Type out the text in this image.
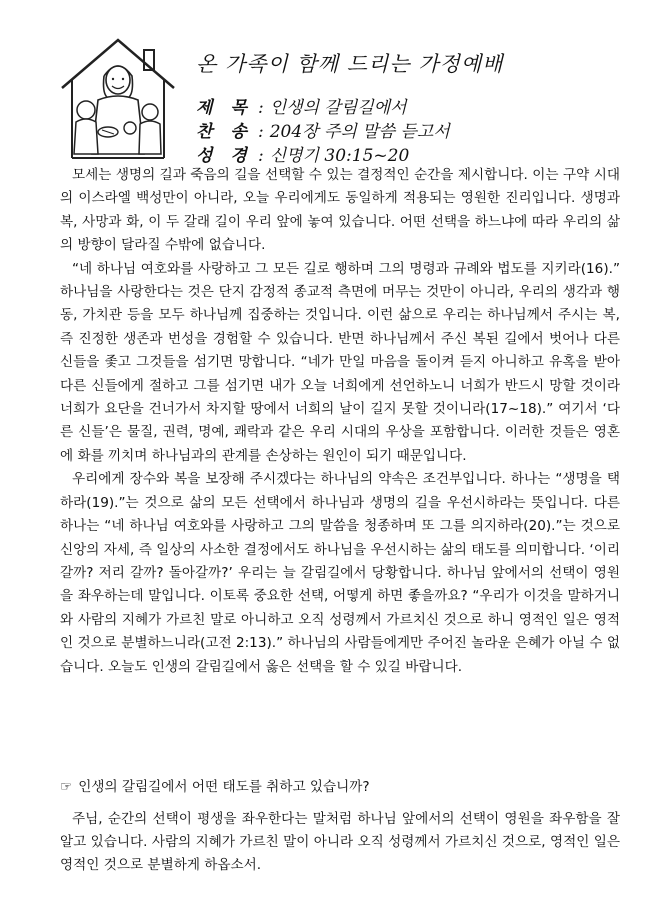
온 가족이 함께 드리는 가정예배
제 목 : 인생의 갈림길에서
찬 송 : 204장 주의 말씀 듣고서
성 경 : 신명기 30:15~20

모세는 생명의 길과 죽음의 길을 선택할 수 있는 결정적인 순간을 제시합니다. 이는 구약 시대의 이스라엘 백성만이 아니라, 오늘 우리에게도 동일하게 적용되는 영원한 진리입니다. 생명과 복, 사망과 화, 이 두 갈래 길이 우리 앞에 놓여 있습니다. 어떤 선택을 하느냐에 따라 우리의 삶의 방향이 달라질 수밖에 없습니다.

“네 하나님 여호와를 사랑하고 그 모든 길로 행하며 그의 명령과 규례와 법도를 지키라(16).” 하나님을 사랑한다는 것은 단지 감정적 종교적 측면에 머무는 것만이 아니라, 우리의 생각과 행동, 가치관 등을 모두 하나님께 집중하는 것입니다. 이런 삶으로 우리는 하나님께서 주시는 복, 즉 진정한 생존과 번성을 경험할 수 있습니다. 반면 하나님께서 주신 복된 길에서 벗어나 다른 신들을 좇고 그것들을 섬기면 망합니다. “네가 만일 마음을 돌이켜 듣지 아니하고 유혹을 받아 다른 신들에게 절하고 그를 섬기면 내가 오늘 너희에게 선언하노니 너희가 반드시 망할 것이라 너희가 요단을 건너가서 차지할 땅에서 너희의 날이 길지 못할 것이니라(17~18).” 여기서 ‘다른 신들’은 물질, 권력, 명예, 쾌락과 같은 우리 시대의 우상을 포함합니다. 이러한 것들은 영혼에 화를 끼치며 하나님과의 관계를 손상하는 원인이 되기 때문입니다.

우리에게 장수와 복을 보장해 주시겠다는 하나님의 약속은 조건부입니다. 하나는 “생명을 택하라(19).”는 것으로 삶의 모든 선택에서 하나님과 생명의 길을 우선시하라는 뜻입니다. 다른 하나는 “네 하나님 여호와를 사랑하고 그의 말씀을 청종하며 또 그를 의지하라(20).”는 것으로 신앙의 자세, 즉 일상의 사소한 결정에서도 하나님을 우선시하는 삶의 태도를 의미합니다. ‘이리 갈까? 저리 갈까? 돌아갈까?’ 우리는 늘 갈림길에서 당황합니다. 하나님 앞에서의 선택이 영원을 좌우하는데 말입니다. 이토록 중요한 선택, 어떻게 하면 좋을까요? “우리가 이것을 말하거니와 사람의 지혜가 가르친 말로 아니하고 오직 성령께서 가르치신 것으로 하니 영적인 일은 영적인 것으로 분별하느니라(고전 2:13).” 하나님의 사람들에게만 주어진 놀라운 은혜가 아닐 수 없습니다. 오늘도 인생의 갈림길에서 옳은 선택을 할 수 있길 바랍니다.

☞ 인생의 갈림길에서 어떤 태도를 취하고 있습니까?

주님, 순간의 선택이 평생을 좌우한다는 말처럼 하나님 앞에서의 선택이 영원을 좌우함을 잘 알고 있습니다. 사람의 지혜가 가르친 말이 아니라 오직 성령께서 가르치신 것으로, 영적인 일은 영적인 것으로 분별하게 하옵소서.
